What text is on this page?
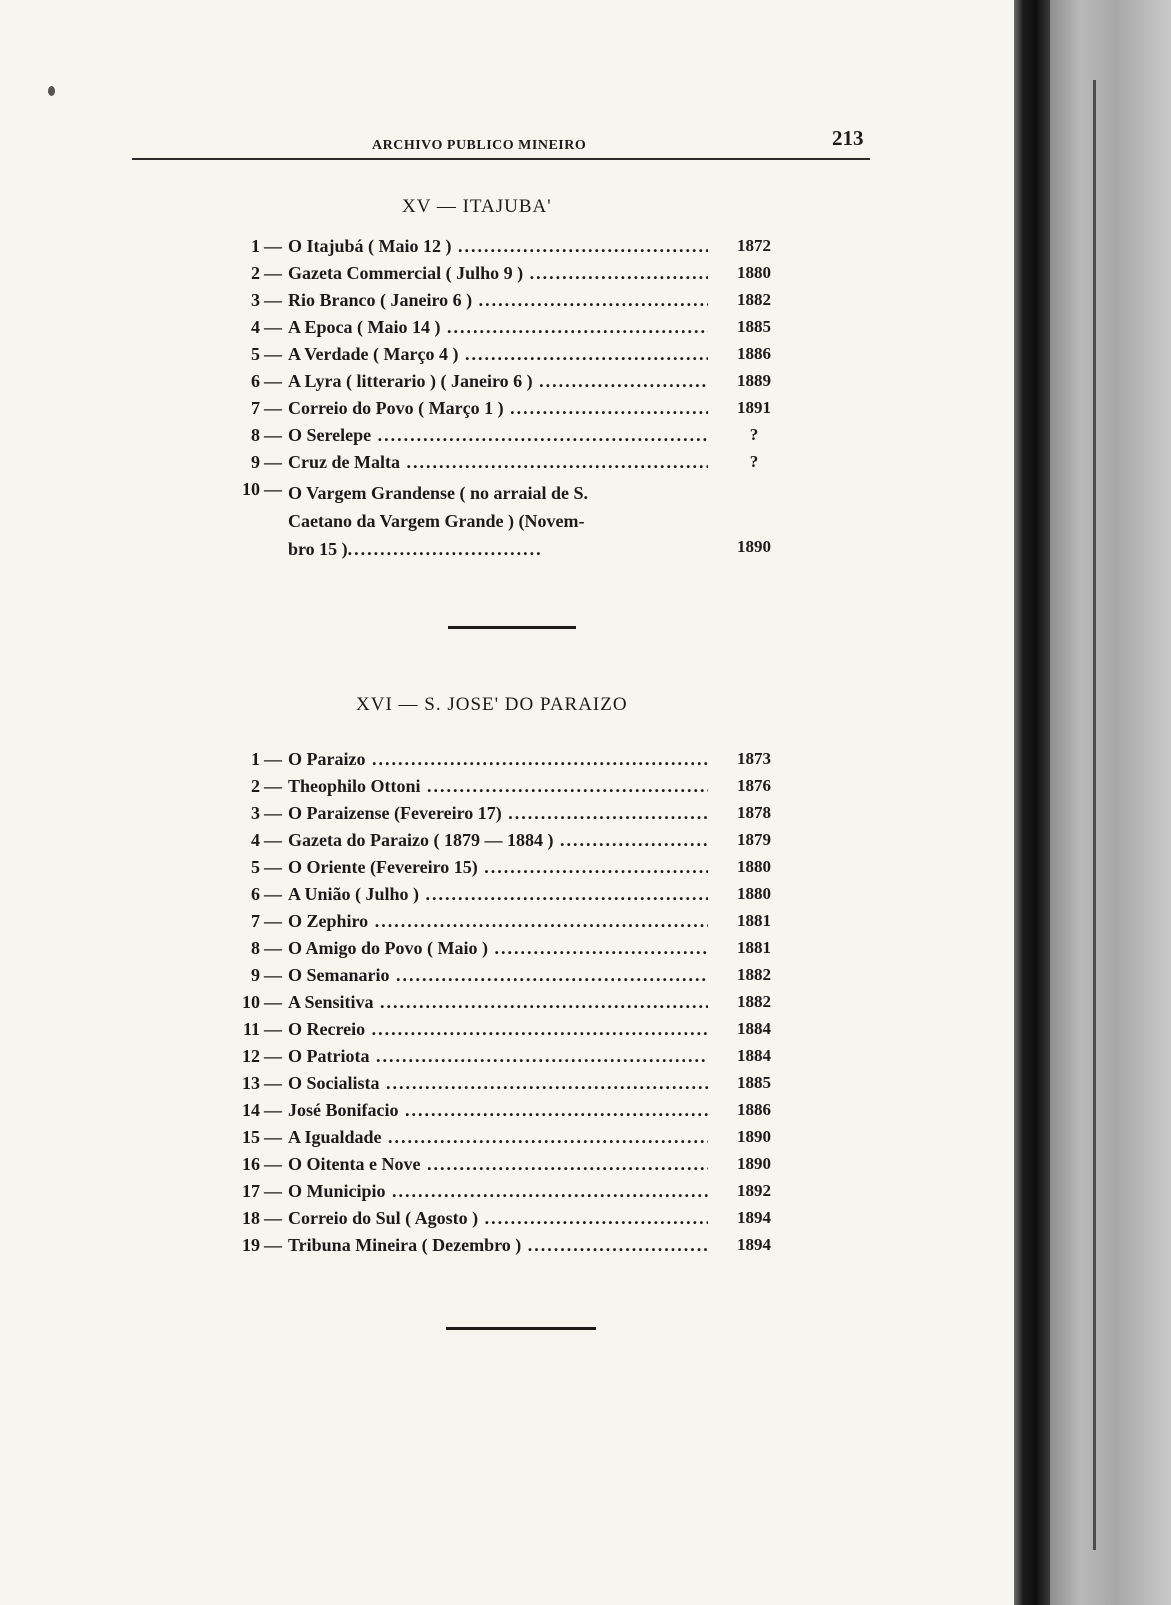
ARCHIVO PUBLICO MINEIRO	213
XV — ITAJUBA'
1 — O Itajubá ( Maio 12 ) .....	1872
2 — Gazeta Commercial ( Julho 9 ) .....	1880
3 — Rio Branco ( Janeiro 6 ) .....	1882
4 — A Epoca ( Maio 14 ) .....	1885
5 — A Verdade ( Março 4 ) .....	1886
6 — A Lyra ( litterario ) ( Janeiro 6 ) .....	1889
7 — Correio do Povo ( Março 1 ) .....	1891
8 — O Serelepe .....	?
9 — Cruz de Malta .....	?
10 — O Vargem Grandense ( no arraial de S.
Caetano da Vargem Grande ) (Novem-
bro 15 ) .....	1890
XVI — S. JOSE' DO PARAIZO
1 — O Paraizo .....	1873
2 — Theophilo Ottoni .....	1876
3 — O Paraizense (Fevereiro 17) .....	1878
4 — Gazeta do Paraizo ( 1879 — 1884 ) .....	1879
5 — O Oriente (Fevereiro 15) .....	1880
6 — A União ( Julho ) .....	1880
7 — O Zephiro .....	1881
8 — O Amigo do Povo ( Maio ) .....	1881
9 — O Semanario .....	1882
10 — A Sensitiva .....	1882
11 — O Recreio .....	1884
12 — O Patriota .....	1884
13 — O Socialista .....	1885
14 — José Bonifacio .....	1886
15 — A Igualdade .....	1890
16 — O Oitenta e Nove .....	1890
17 — O Municipio .....	1892
18 — Correio do Sul ( Agosto ) .....	1894
19 — Tribuna Mineira ( Dezembro ) .....	1894
